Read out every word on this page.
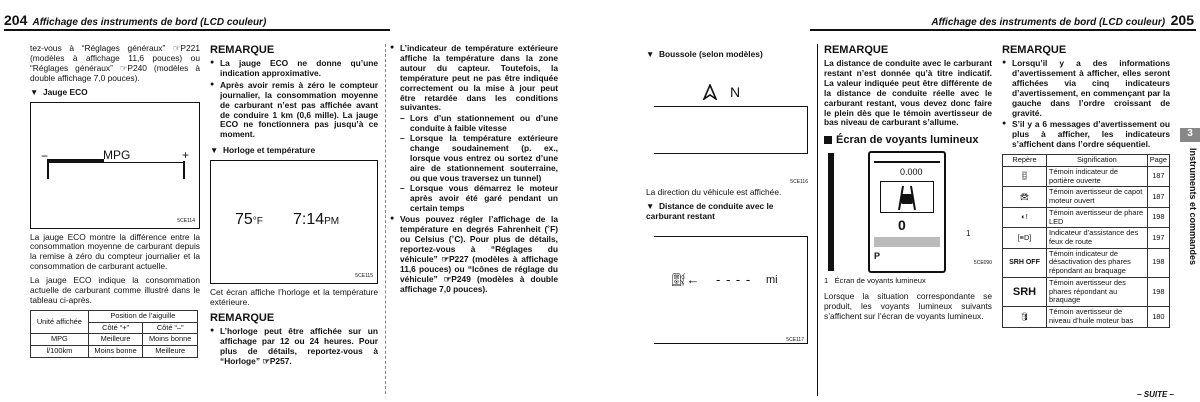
204 Affichage des instruments de bord (LCD couleur)	Affichage des instruments de bord (LCD couleur) 205
tez-vous à “Réglages généraux” ☞P221 (modèles à affichage 11,6 pouces) ou “Réglages généraux” ☞P240 (modèles à double affichage 7,0 pouces).
▼  Jauge ECO
−	+
MPG
5CE114
La jauge ECO montre la différence entre la consommation moyenne de carburant depuis la remise à zéro du compteur journalier et la consommation de carburant actuelle.
La jauge ECO indique la consommation actuelle de carburant comme illustré dans le tableau ci-après.
Unité affichée	Position de l’aiguille	
	Côté “+”	Côté “–”
MPG	Meilleure	Moins bonne
l/100km	Moins bonne	Meilleure
REMARQUE
● La jauge ECO ne donne qu’une indication approximative.
● Après avoir remis à zéro le compteur journalier, la consommation moyenne de carburant n’est pas affichée avant de conduire 1 km (0,6 mille). La jauge ECO ne fonctionnera pas jusqu’à ce moment.
▼  Horloge et température
75°F 7:14PM
5CE115
Cet écran affiche l’horloge et la température extérieure.
REMARQUE
● L’horloge peut être affichée sur un affichage par 12 ou 24 heures. Pour plus de détails, reportez-vous à “Horloge” ☞P257.
● L’indicateur de température extérieure affiche la température dans la zone autour du capteur. Toutefois, la température peut ne pas être indiquée correctement ou la mise à jour peut être retardée dans les conditions suivantes.
– Lors d’un stationnement ou d’une conduite à faible vitesse
– Lorsque la température extérieure change soudainement (p. ex., lorsque vous entrez ou sortez d’une aire de stationnement souterraine, ou que vous traversez un tunnel)
– Lorsque vous démarrez le moteur après avoir été garé pendant un certain temps
● Vous pouvez régler l’affichage de la température en degrés Fahrenheit (˚F) ou Celsius (˚C). Pour plus de détails, reportez-vous à “Réglages du véhicule” ☞P227 (modèles à affichage 11,6 pouces) ou “Icônes de réglage du véhicule” ☞P249 (modèles à double affichage 7,0 pouces).
▼  Boussole (selon modèles)
N
5CE116
La direction du véhicule est affichée.
▼  Distance de conduite avec le carburant restant
⛽︎← - - - - mi
5CE117
REMARQUE
La distance de conduite avec le carburant restant n’est donnée qu’à titre indicatif. La valeur indiquée peut être différente de la distance de conduite réelle avec le carburant restant, vous devez donc faire le plein dès que le témoin avertisseur de bas niveau de carburant s’allume.
Écran de voyants lumineux
0.000
0
P
1
5CE090
1 Écran de voyants lumineux
Lorsque la situation correspondante se produit, les voyants lumineux suivants s’affichent sur l’écran de voyants lumineux.
REMARQUE
● Lorsqu’il y a des informations d’avertissement à afficher, elles seront affichées via cinq indicateurs d’avertissement, en commençant par la gauche dans l’ordre croissant de gravité.
● S’il y a 6 messages d’avertissement ou plus à afficher, les indicateurs s’affichent dans l’ordre séquentiel.
Repère	Signification	Page
🚪︎	Témoin indicateur de portière ouverte	187
🚘︎	Témoin avertisseur de capot moteur ouvert	187
◐!	Témoin avertisseur de phare LED	198
[≡D]	Indicateur d’assistance des feux de route	197
SRH OFF	Témoin indicateur de désactivation des phares répondant au braquage	198
SRH	Témoin avertisseur des phares répondant au braquage	198
🛢︎	Témoin avertisseur de niveau d’huile moteur bas	180
– SUITE –
3
Instruments et commandes
